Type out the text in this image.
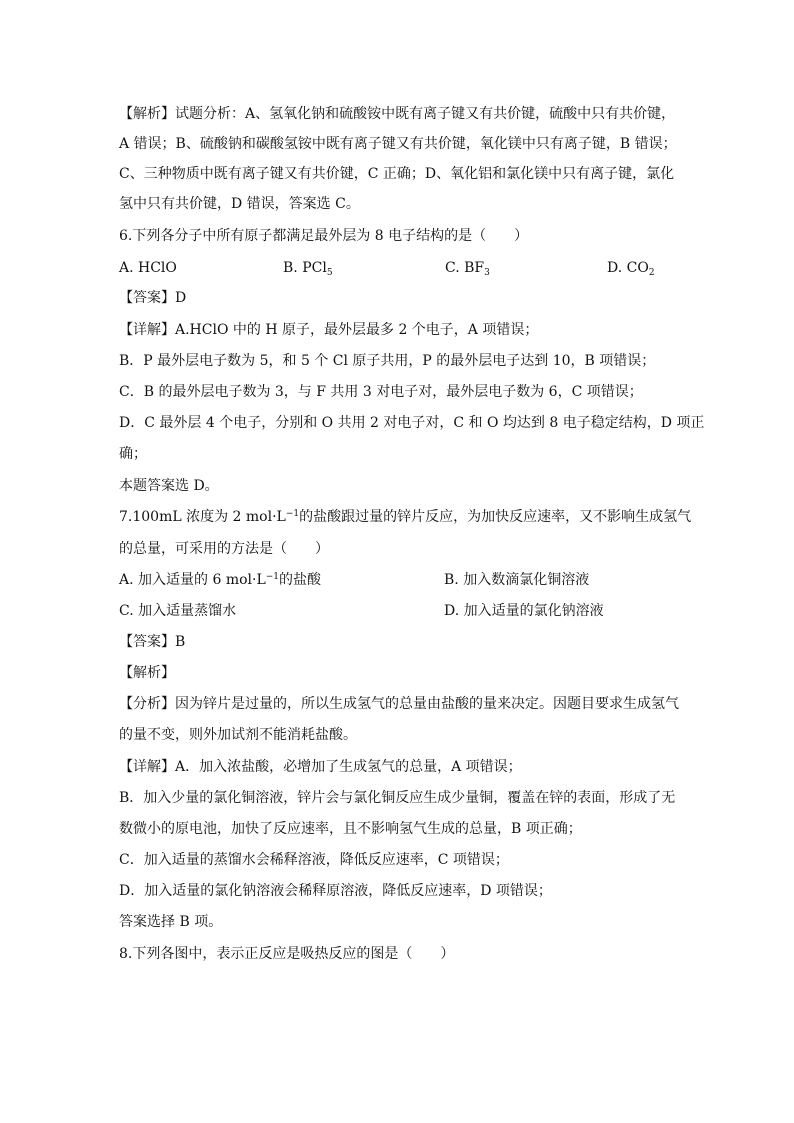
【解析】试题分析：A、氢氧化钠和硫酸铵中既有离子键又有共价键，硫酸中只有共价键，
A 错误；B、硫酸钠和碳酸氢铵中既有离子键又有共价键，氧化镁中只有离子键，B 错误；
C、三种物质中既有离子键又有共价键，C 正确；D、氧化铝和氯化镁中只有离子键，氯化
氢中只有共价键，D 错误，答案选 C。
6.下列各分子中所有原子都满足最外层为 8 电子结构的是（　　）
A. HClO	B. PCl$_5$	C. $BF_3$	D. $CO_2$
【答案】D
【详解】A.HClO 中的 H 原子，最外层最多 2 个电子，A 项错误；
B．P 最外层电子数为 5，和 5 个 Cl 原子共用，P 的最外层电子达到 10，B 项错误；
C．B 的最外层电子数为 3，与 F 共用 3 对电子对，最外层电子数为 6，C 项错误；
D．C 最外层 4 个电子，分别和 O 共用 2 对电子对，C 和 O 均达到 8 电子稳定结构，D 项正
确；
本题答案选 D。
7.100mL 浓度为 2 $mol\cdot L^{-1}$的盐酸跟过量的锌片反应，为加快反应速率，又不影响生成氢气
的总量，可采用的方法是（　　）
A. 加入适量的 6 $mol\cdot L^{-1}$的盐酸	B. 加入数滴氯化铜溶液
C. 加入适量蒸馏水	D. 加入适量的氯化钠溶液
【答案】B
【解析】
【分析】因为锌片是过量的，所以生成氢气的总量由盐酸的量来决定。因题目要求生成氢气
的量不变，则外加试剂不能消耗盐酸。
【详解】A．加入浓盐酸，必增加了生成氢气的总量，A 项错误；
B．加入少量的氯化铜溶液，锌片会与氯化铜反应生成少量铜，覆盖在锌的表面，形成了无
数微小的原电池，加快了反应速率，且不影响氢气生成的总量，B 项正确；
C．加入适量的蒸馏水会稀释溶液，降低反应速率，C 项错误；
D．加入适量的氯化钠溶液会稀释原溶液，降低反应速率，D 项错误；
答案选择 B 项。
8.下列各图中，表示正反应是吸热反应的图是（　　）
